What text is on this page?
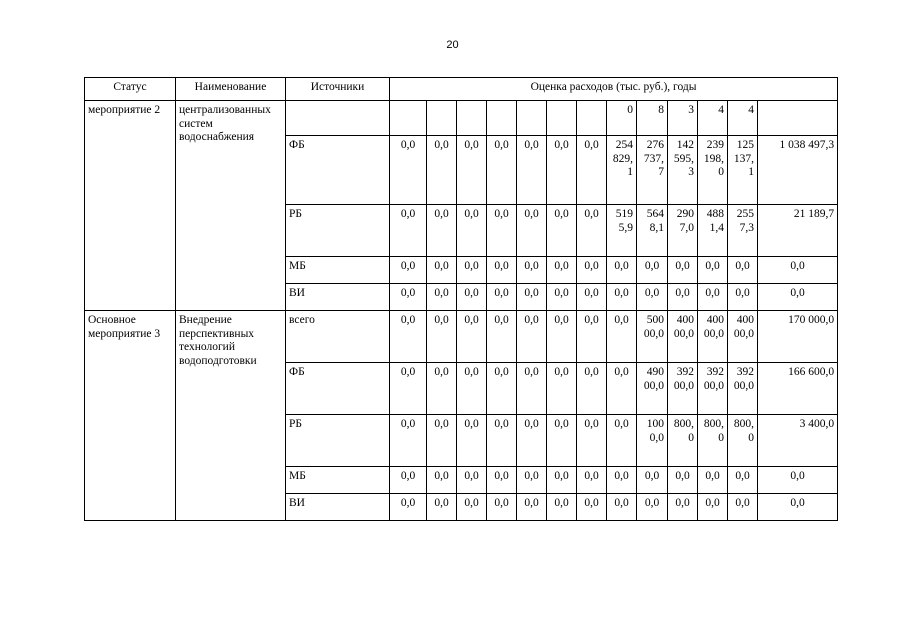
20
Статус	Наименование	Источники	Оценка расходов (тыс. руб.), годы												
мероприятие 2	централизованных систем водоснабжения									0	8	3	4	4	
		ФБ	0,0	0,0	0,0	0,0	0,0	0,0	0,0	254 829, 1	276 737, 7	142 595, 3	239 198, 0	125 137, 1	1 038 497,3
		РБ	0,0	0,0	0,0	0,0	0,0	0,0	0,0	519 5,9	564 8,1	290 7,0	488 1,4	255 7,3	21 189,7
		МБ	0,0	0,0	0,0	0,0	0,0	0,0	0,0	0,0	0,0	0,0	0,0	0,0	0,0
		ВИ	0,0	0,0	0,0	0,0	0,0	0,0	0,0	0,0	0,0	0,0	0,0	0,0	0,0
Основное мероприятие 3	Внедрение перспективных технологий водоподготовки	всего	0,0	0,0	0,0	0,0	0,0	0,0	0,0	0,0	500 00,0	400 00,0	400 00,0	400 00,0	170 000,0
		ФБ	0,0	0,0	0,0	0,0	0,0	0,0	0,0	0,0	490 00,0	392 00,0	392 00,0	392 00,0	166 600,0
		РБ	0,0	0,0	0,0	0,0	0,0	0,0	0,0	0,0	100 0,0	800, 0	800, 0	800, 0	3 400,0
		МБ	0,0	0,0	0,0	0,0	0,0	0,0	0,0	0,0	0,0	0,0	0,0	0,0	0,0
		ВИ	0,0	0,0	0,0	0,0	0,0	0,0	0,0	0,0	0,0	0,0	0,0	0,0	0,0
